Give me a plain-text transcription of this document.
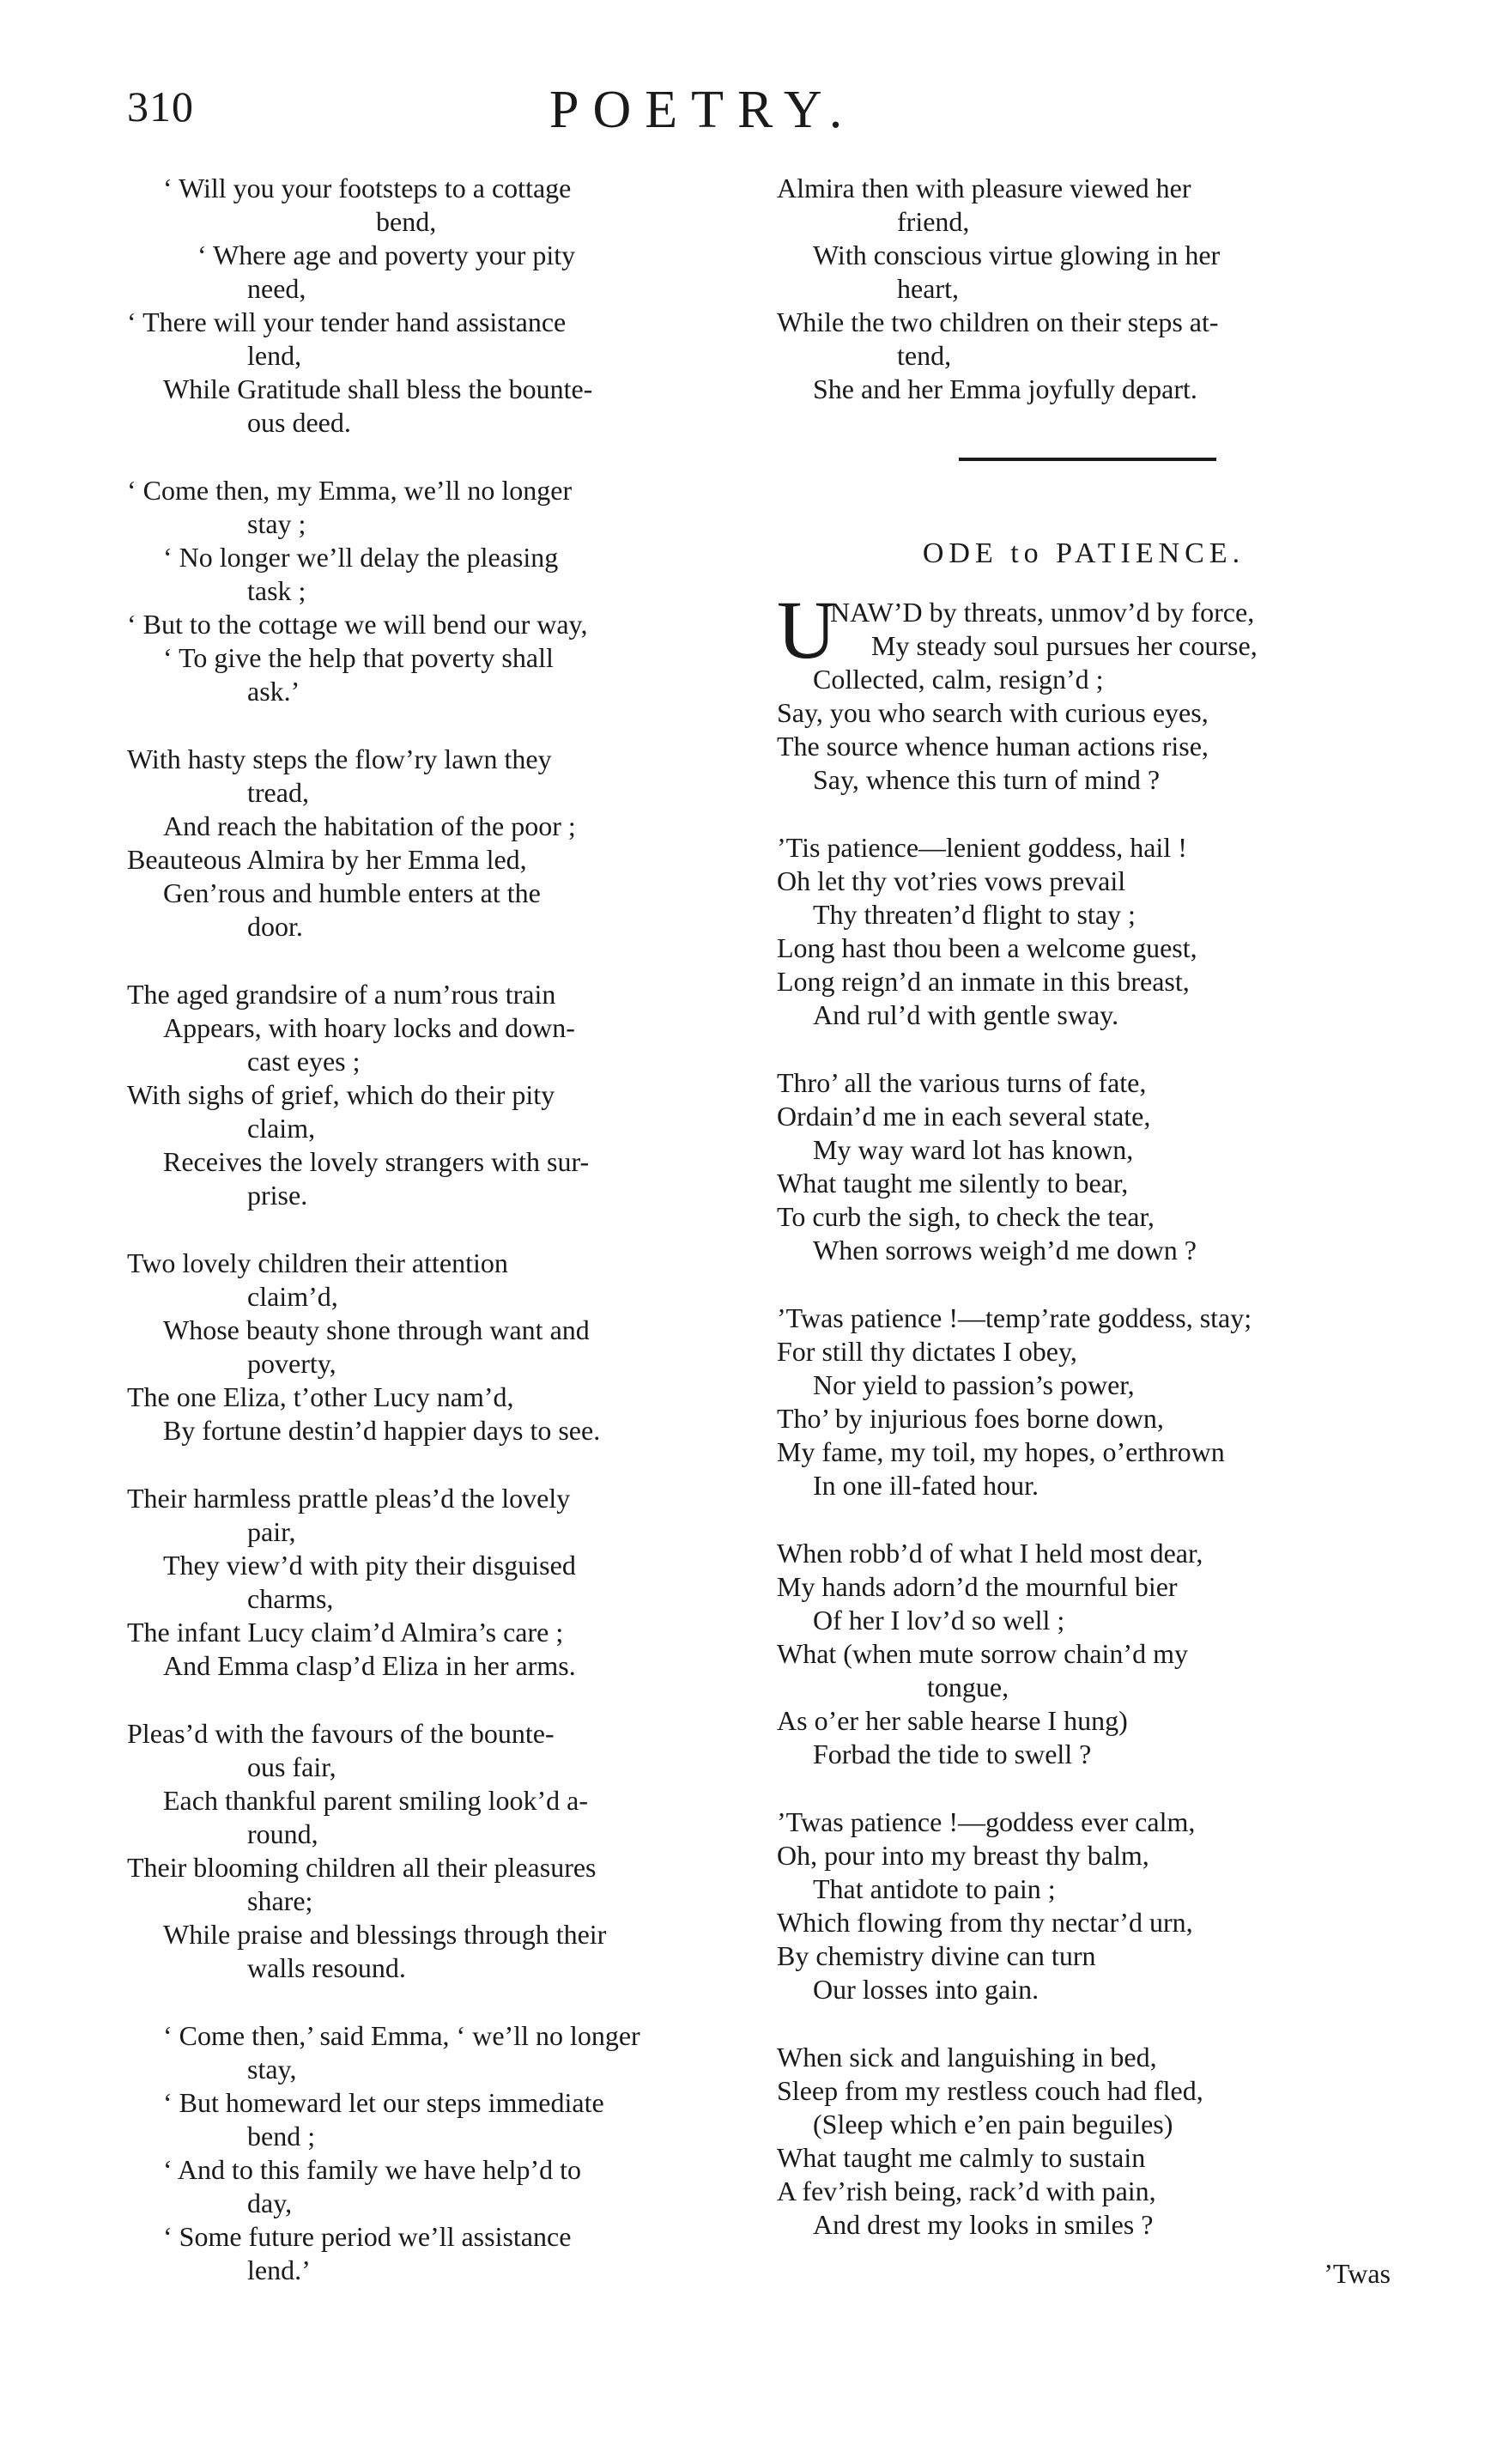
310	POETRY.
‘ Will you your footsteps to a cottage
bend,
‘ Where age and poverty your pity
need,
‘ There will your tender hand assistance
lend,
While Gratitude shall bless the bounte-
ous deed.
‘ Come then, my Emma, we’ll no longer
stay ;
‘ No longer we’ll delay the pleasing
task ;
‘ But to the cottage we will bend our way,
‘ To give the help that poverty shall
ask.’
With hasty steps the flow’ry lawn they
tread,
And reach the habitation of the poor ;
Beauteous Almira by her Emma led,
Gen’rous and humble enters at the
door.
The aged grandsire of a num’rous train
Appears, with hoary locks and down-
cast eyes ;
With sighs of grief, which do their pity
claim,
Receives the lovely strangers with sur-
prise.
Two lovely children their attention
claim’d,
Whose beauty shone through want and
poverty,
The one Eliza, t’other Lucy nam’d,
By fortune destin’d happier days to see.
Their harmless prattle pleas’d the lovely
pair,
They view’d with pity their disguised
charms,
The infant Lucy claim’d Almira’s care ;
And Emma clasp’d Eliza in her arms.
Pleas’d with the favours of the bounte-
ous fair,
Each thankful parent smiling look’d a-
round,
Their blooming children all their pleasures
share;
While praise and blessings through their
walls resound.
‘ Come then,’ said Emma, ‘ we’ll no longer
stay,
‘ But homeward let our steps immediate
bend ;
‘ And to this family we have help’d to
day,
‘ Some future period we’ll assistance
lend.’
Almira then with pleasure viewed her
friend,
With conscious virtue glowing in her
heart,
While the two children on their steps at-
tend,
She and her Emma joyfully depart.
ODE to PATIENCE.
U
NAW’D by threats, unmov’d by force,
My steady soul pursues her course,
Collected, calm, resign’d ;
Say, you who search with curious eyes,
The source whence human actions rise,
Say, whence this turn of mind ?
’Tis patience—lenient goddess, hail !
Oh let thy vot’ries vows prevail
Thy threaten’d flight to stay ;
Long hast thou been a welcome guest,
Long reign’d an inmate in this breast,
And rul’d with gentle sway.
Thro’ all the various turns of fate,
Ordain’d me in each several state,
My way ward lot has known,
What taught me silently to bear,
To curb the sigh, to check the tear,
When sorrows weigh’d me down ?
’Twas patience !—temp’rate goddess, stay;
For still thy dictates I obey,
Nor yield to passion’s power,
Tho’ by injurious foes borne down,
My fame, my toil, my hopes, o’erthrown
In one ill-fated hour.
When robb’d of what I held most dear,
My hands adorn’d the mournful bier
Of her I lov’d so well ;
What (when mute sorrow chain’d my
tongue,
As o’er her sable hearse I hung)
Forbad the tide to swell ?
’Twas patience !—goddess ever calm,
Oh, pour into my breast thy balm,
That antidote to pain ;
Which flowing from thy nectar’d urn,
By chemistry divine can turn
Our losses into gain.
When sick and languishing in bed,
Sleep from my restless couch had fled,
(Sleep which e’en pain beguiles)
What taught me calmly to sustain
A fev’rish being, rack’d with pain,
And drest my looks in smiles ?
’Twas
